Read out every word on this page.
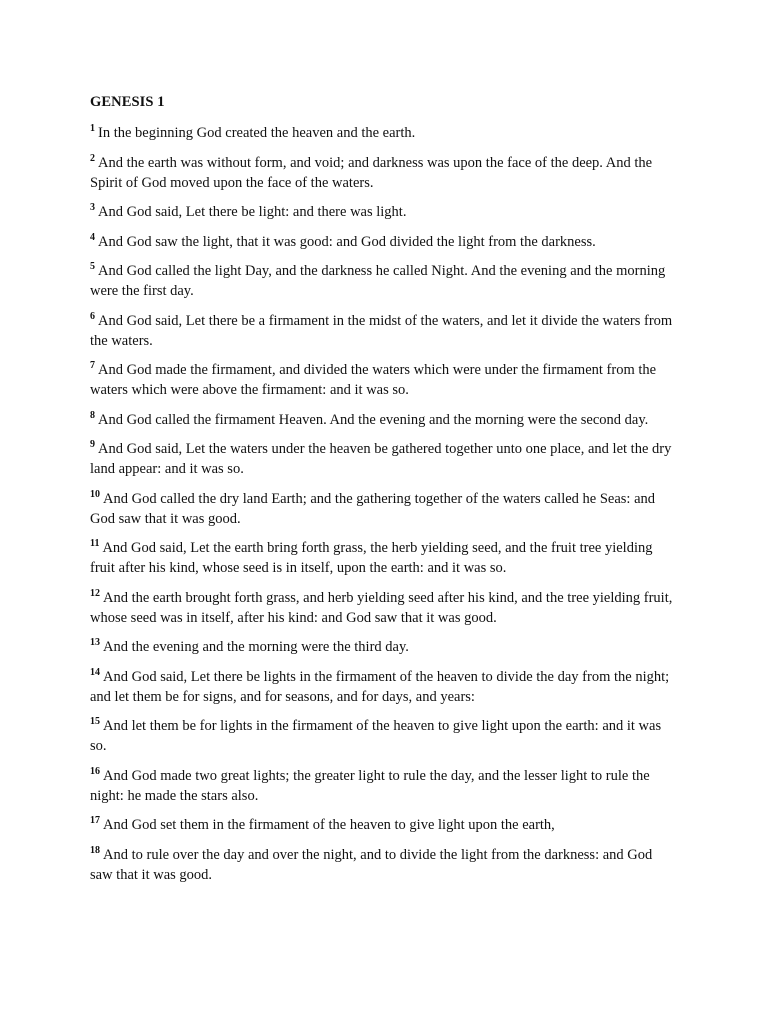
GENESIS 1
$^1$ In the beginning God created the heaven and the earth.
$^2$ And the earth was without form, and void; and darkness was upon the face of the deep. And the Spirit of God moved upon the face of the waters.
$^3$ And God said, Let there be light: and there was light.
$^4$ And God saw the light, that it was good: and God divided the light from the darkness.
$^5$ And God called the light Day, and the darkness he called Night. And the evening and the morning were the first day.
$^6$ And God said, Let there be a firmament in the midst of the waters, and let it divide the waters from the waters.
$^7$ And God made the firmament, and divided the waters which were under the firmament from the waters which were above the firmament: and it was so.
$^8$ And God called the firmament Heaven. And the evening and the morning were the second day.
$^9$ And God said, Let the waters under the heaven be gathered together unto one place, and let the dry land appear: and it was so.
$^{10}$ And God called the dry land Earth; and the gathering together of the waters called he Seas: and God saw that it was good.
$^{11}$ And God said, Let the earth bring forth grass, the herb yielding seed, and the fruit tree yielding fruit after his kind, whose seed is in itself, upon the earth: and it was so.
$^{12}$ And the earth brought forth grass, and herb yielding seed after his kind, and the tree yielding fruit, whose seed was in itself, after his kind: and God saw that it was good.
$^{13}$ And the evening and the morning were the third day.
$^{14}$ And God said, Let there be lights in the firmament of the heaven to divide the day from the night; and let them be for signs, and for seasons, and for days, and years:
$^{15}$ And let them be for lights in the firmament of the heaven to give light upon the earth: and it was so.
$^{16}$ And God made two great lights; the greater light to rule the day, and the lesser light to rule the night: he made the stars also.
$^{17}$ And God set them in the firmament of the heaven to give light upon the earth,
$^{18}$ And to rule over the day and over the night, and to divide the light from the darkness: and God saw that it was good.
